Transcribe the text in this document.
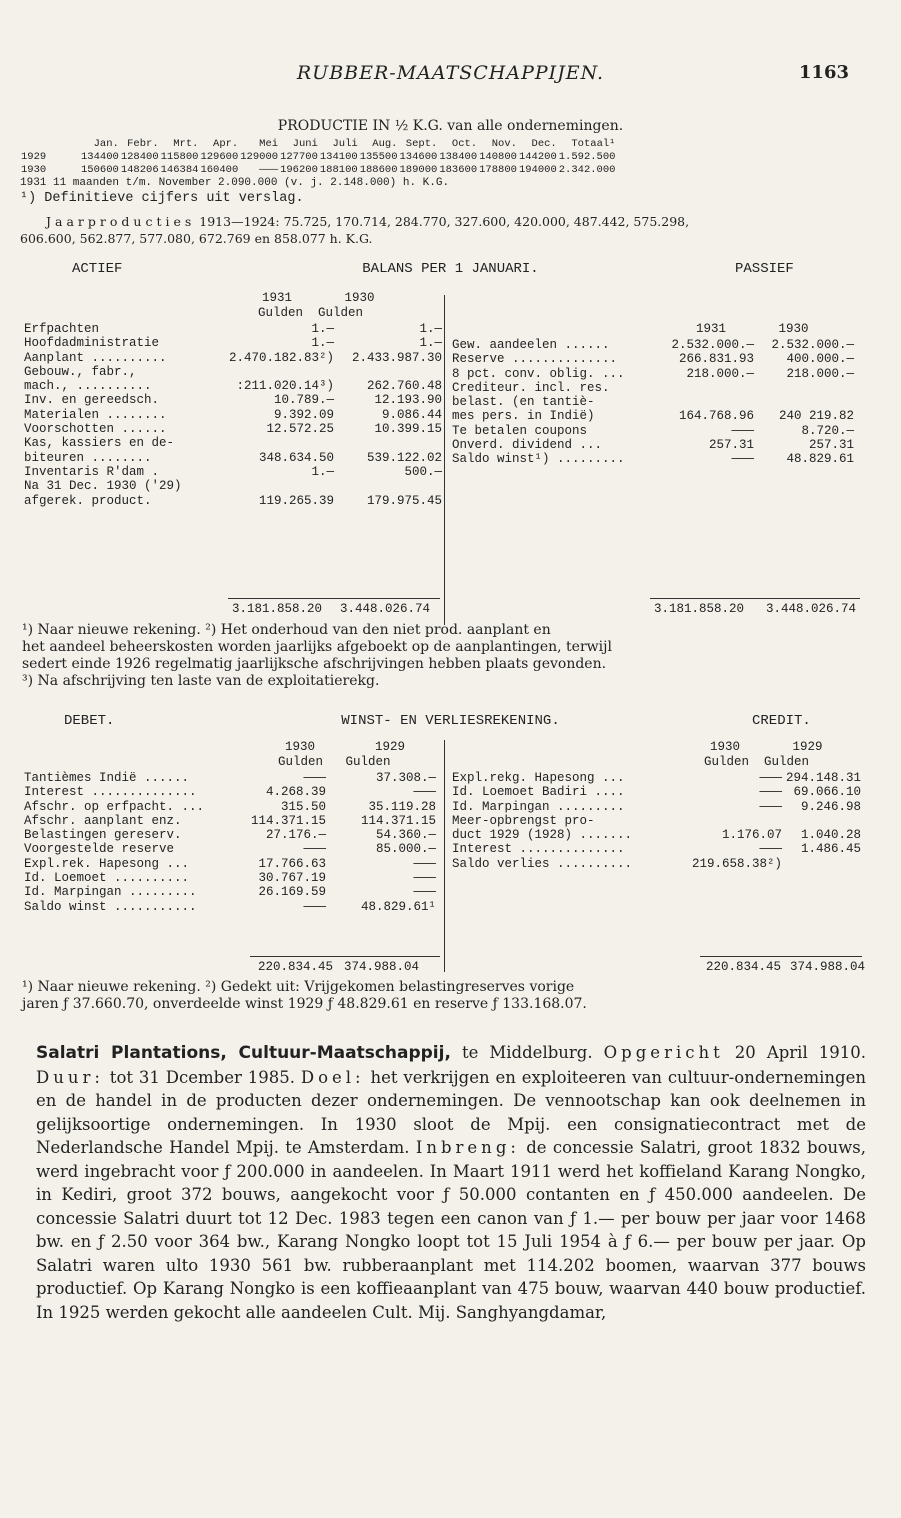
RUBBER-MAATSCHAPPIJEN.	1163
PRODUCTIE IN ½ K.G. van alle ondernemingen.
	Jan.	Febr.	Mrt.	Apr.	Mei	Juni	Juli	Aug.	Sept.	Oct.	Nov.	Dec.	Totaal¹
1929	134400	128400	115800	129600	129000	127700	134100	135500	134600	138400	140800	144200	1.592.500
1930	150600	148206	146384	160400	———	196200	188100	188600	189000	183600	178800	194000	2.342.000
1931 11 maanden t/m. November 2.090.000 (v. j. 2.148.000) h. K.G.
¹) Definitieve cijfers uit verslag.
Jaarproducties 1913—1924: 75.725, 170.714, 284.770, 327.600, 420.000, 487.442, 575.298,
606.600, 562.877, 577.080, 672.769 en 858.077 h. K.G.
ACTIEF	BALANS PER 1 JANUARI.	PASSIEF
Erfpachten	1.—	1.—
Hoofdadministratie	1.—	1.—
Aanplant ..........	2.470.182.83²)	2.433.987.30
Gebouw., fabr.,		
mach., ..........	:211.020.14³)	262.760.48
Inv. en gereedsch.	10.789.—	12.193.90
Materialen ........	9.392.09	9.086.44
Voorschotten ......	12.572.25	10.399.15
Kas, kassiers en de-		
biteuren ........	348.634.50	539.122.02
Inventaris R'dam .	1.—	500.—
Na 31 Dec. 1930 ('29)		
afgerek. product.	119.265.39	179.975.45
Gew. aandeelen ......	2.532.000.—	2.532.000.—
Reserve ..............	266.831.93	400.000.—
8 pct. conv. oblig. ...	218.000.—	218.000.—
Crediteur. incl. res.		
belast. (en tantiè-		
mes pers. in Indië)	164.768.96	240 219.82
Te betalen coupons	———	8.720.—
Onverd. dividend ...	257.31	257.31
Saldo winst¹) .........	———	48.829.61
1931	1930
Gulden Gulden
1931	1930
3.181.858.20 3.448.026.74	3.181.858.20 3.448.026.74
¹) Naar nieuwe rekening. ²) Het onderhoud van den niet prod. aanplant en
het aandeel beheerskosten worden jaarlijks afgeboekt op de aanplantingen, terwijl
sedert einde 1926 regelmatig jaarlijksche afschrijvingen hebben plaats gevonden.
³) Na afschrijving ten laste van de exploitatierekg.
DEBET.	WINST- EN VERLIESREKENING.	CREDIT.
1930	1929
Gulden Gulden
1930	1929
Gulden Gulden
Tantièmes Indië ......	———	37.308.—
Interest ..............	4.268.39	———
Afschr. op erfpacht. ...	315.50	35.119.28
Afschr. aanplant enz.	114.371.15	114.371.15
Belastingen gereserv.	27.176.—	54.360.—
Voorgestelde reserve	———	85.000.—
Expl.rek. Hapesong ...	17.766.63	———
Id. Loemoet ..........	30.767.19	———
Id. Marpingan .........	26.169.59	———
Saldo winst ...........	———	48.829.61¹
Expl.rekg. Hapesong ...	———	294.148.31
Id. Loemoet Badiri ....	———	69.066.10
Id. Marpingan .........	———	9.246.98
Meer-opbrengst pro-		
duct 1929 (1928) .......	1.176.07	1.040.28
Interest ..............	———	1.486.45
Saldo verlies ..........	219.658.38²)	
220.834.45 374.988.04	220.834.45 374.988.04
¹) Naar nieuwe rekening. ²) Gedekt uit: Vrijgekomen belastingreserves vorige
jaren ƒ 37.660.70, onverdeelde winst 1929 ƒ 48.829.61 en reserve ƒ 133.168.07.

Salatri Plantations, Cultuur-Maatschappij, te Middelburg. Opgericht 20 April 1910. Duur: tot 31 Dcember 1985. Doel: het verkrijgen en exploiteeren van cultuur-ondernemingen en de handel in de producten dezer ondernemingen. De vennootschap kan ook deelnemen in gelijksoortige ondernemingen. In 1930 sloot de Mpij. een consignatiecontract met de Nederlandsche Handel Mpij. te Amsterdam. Inbreng: de concessie Salatri, groot 1832 bouws, werd ingebracht voor ƒ 200.000 in aandeelen. In Maart 1911 werd het koffieland Karang Nongko, in Kediri, groot 372 bouws, aangekocht voor ƒ 50.000 contanten en ƒ 450.000 aandeelen. De concessie Salatri duurt tot 12 Dec. 1983 tegen een canon van ƒ 1.— per bouw per jaar voor 1468 bw. en ƒ 2.50 voor 364 bw., Karang Nongko loopt tot 15 Juli 1954 à ƒ 6.— per bouw per jaar. Op Salatri waren ulto 1930 561 bw. rubberaanplant met 114.202 boomen, waarvan 377 bouws productief. Op Karang Nongko is een koffieaanplant van 475 bouw, waarvan 440 bouw productief. In 1925 werden gekocht alle aandeelen Cult. Mij. Sanghyangdamar,
